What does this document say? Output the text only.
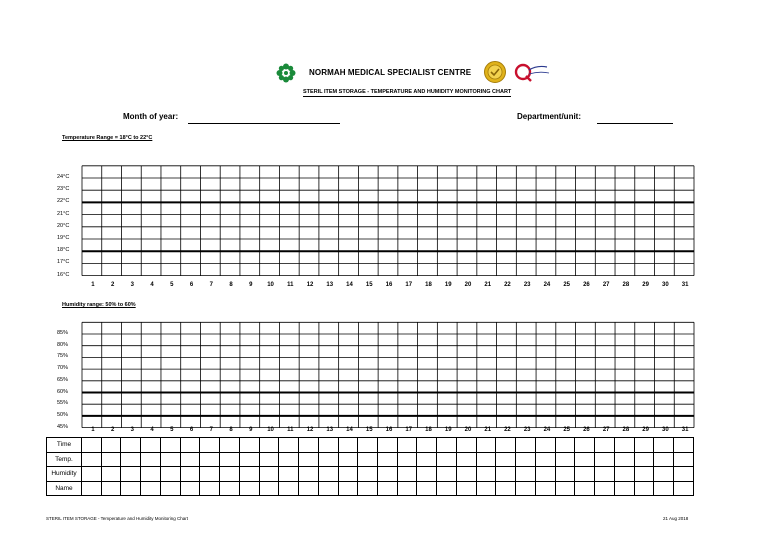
NORMAH MEDICAL SPECIALIST CENTRE
STERIL ITEM STORAGE - TEMPERATURE AND HUMIDITY MONITORING CHART
Month of year:	Department/unit:
Temperature Range = 18°C to 22°C
24°C
23°C
22°C
21°C
20°C
19°C
18°C
17°C
16°C
1	2	3	4	5	6	7	8	9	10	11	12	13	14	15	16	17	18	19	20	21	22	23	24	25	26	27	28	29	30	31
Humidity range: 50% to 60%
85%
80%
75%
70%
65%
60%
55%
50%
45%
1	2	3	4	5	6	7	8	9	10	11	12	13	14	15	16	17	18	19	20	21	22	23	24	25	26	27	28	29	30	31
Time																															
Temp.																															
Humidity																															
Name																															
STERIL ITEM STORAGE - Temperature and Humidity Monitoring Chart	21 Aug 2018
